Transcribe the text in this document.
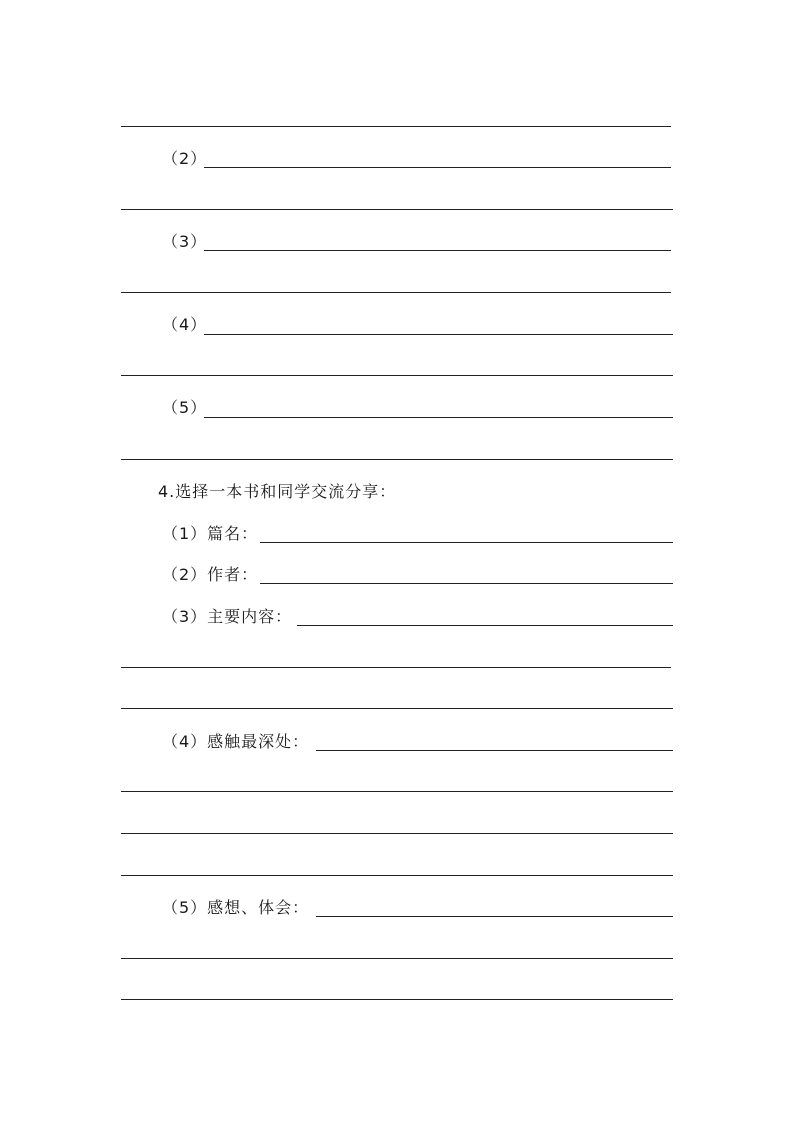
（2）
（3）
（4）
（5）
4.选择一本书和同学交流分享：
（1）篇名：
（2）作者：
（3）主要内容：
（4）感触最深处：
（5）感想、体会：
